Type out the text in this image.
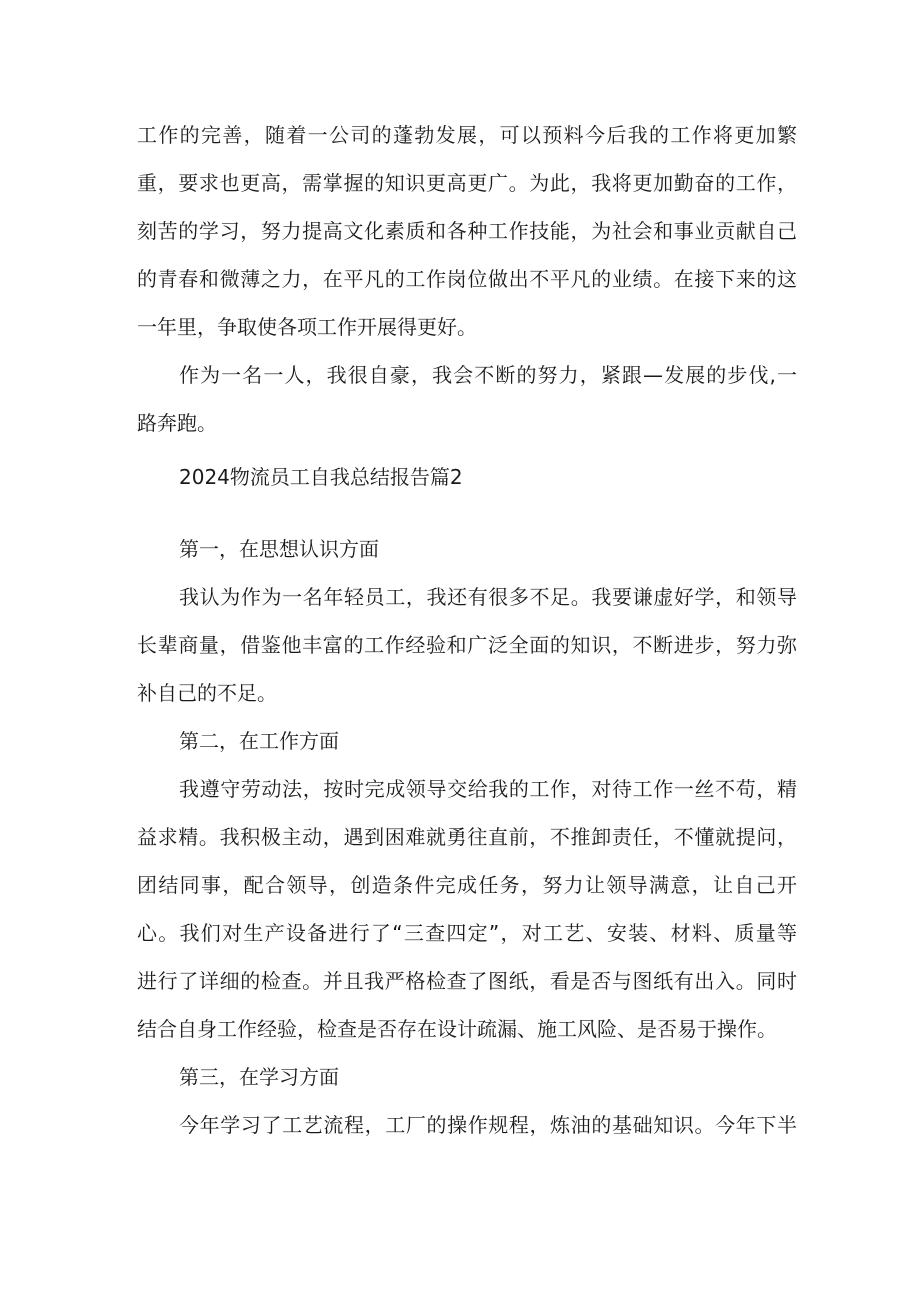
工作的完善，随着一公司的蓬勃发展，可以预料今后我的工作将更加繁
重，要求也更高，需掌握的知识更高更广。为此，我将更加勤奋的工作，
刻苦的学习，努力提高文化素质和各种工作技能，为社会和事业贡献自己
的青春和微薄之力，在平凡的工作岗位做出不平凡的业绩。在接下来的这
一年里，争取使各项工作开展得更好。
作为一名一人，我很自豪，我会不断的努力，紧跟—发展的步伐,一
路奔跑。
2024物流员工自我总结报告篇2
第一，在思想认识方面
我认为作为一名年轻员工，我还有很多不足。我要谦虚好学，和领导
长辈商量，借鉴他丰富的工作经验和广泛全面的知识，不断进步，努力弥
补自己的不足。
第二，在工作方面
我遵守劳动法，按时完成领导交给我的工作，对待工作一丝不苟，精
益求精。我积极主动，遇到困难就勇往直前，不推卸责任，不懂就提问，
团结同事，配合领导，创造条件完成任务，努力让领导满意，让自己开
心。我们对生产设备进行了“三查四定”，对工艺、安装、材料、质量等
进行了详细的检查。并且我严格检查了图纸，看是否与图纸有出入。同时
结合自身工作经验，检查是否存在设计疏漏、施工风险、是否易于操作。
第三，在学习方面
今年学习了工艺流程，工厂的操作规程，炼油的基础知识。今年下半
